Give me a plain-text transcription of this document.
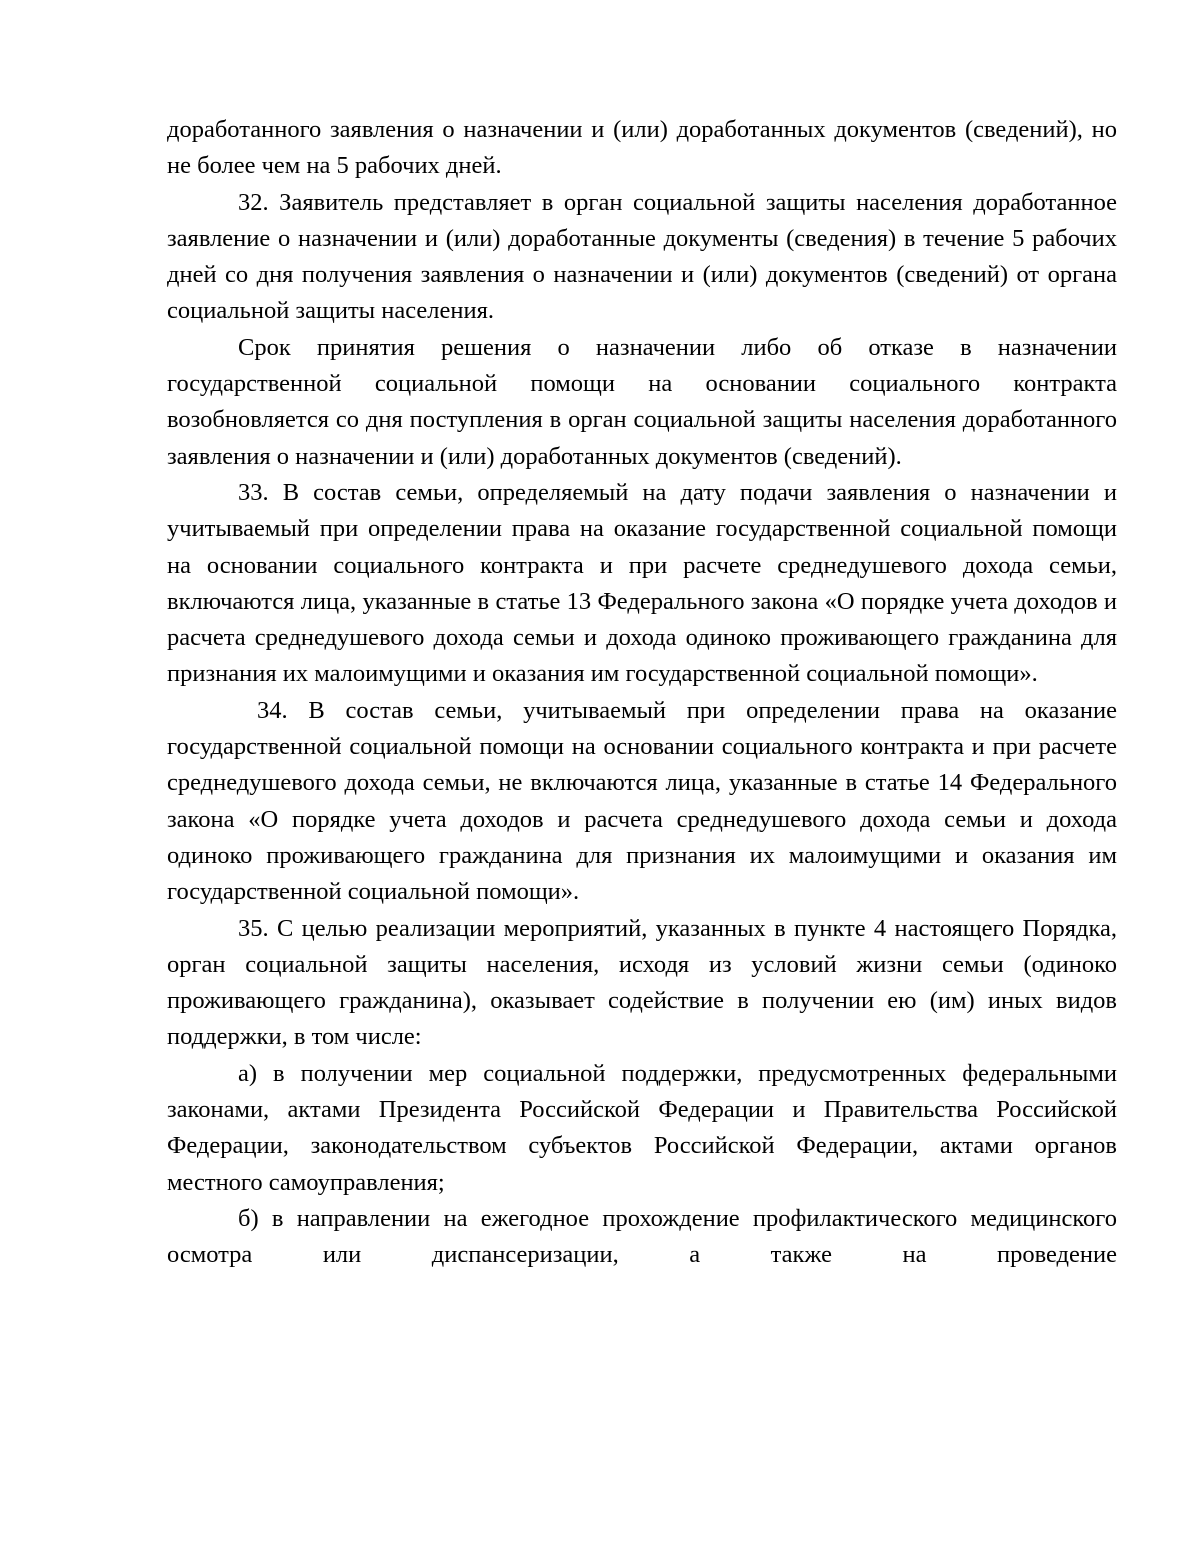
доработанного заявления о назначении и (или) доработанных документов (сведений), но не более чем на 5 рабочих дней.

32. Заявитель представляет в орган социальной защиты населения доработанное заявление о назначении и (или) доработанные документы (сведения) в течение 5 рабочих дней со дня получения заявления о назначении и (или) документов (сведений) от органа социальной защиты населения.

Срок принятия решения о назначении либо об отказе в назначении государственной социальной помощи на основании социального контракта возобновляется со дня поступления в орган социальной защиты населения доработанного заявления о назначении и (или) доработанных документов (сведений).

33. В состав семьи, определяемый на дату подачи заявления о назначении и учитываемый при определении права на оказание государственной социальной помощи на основании социального контракта и при расчете среднедушевого дохода семьи, включаются лица, указанные в статье 13 Федерального закона «О порядке учета доходов и расчета среднедушевого дохода семьи и дохода одиноко проживающего гражданина для признания их малоимущими и оказания им государственной социальной помощи».

34. В состав семьи, учитываемый при определении права на оказание государственной социальной помощи на основании социального контракта и при расчете среднедушевого дохода семьи, не включаются лица, указанные в статье 14 Федерального закона «О порядке учета доходов и расчета среднедушевого дохода семьи и дохода одиноко проживающего гражданина для признания их малоимущими и оказания им государственной социальной помощи».

35. С целью реализации мероприятий, указанных в пункте 4 настоящего Порядка, орган социальной защиты населения, исходя из условий жизни семьи (одиноко проживающего гражданина), оказывает содействие в получении ею (им) иных видов поддержки, в том числе:

а) в получении мер социальной поддержки, предусмотренных федеральными законами, актами Президента Российской Федерации и Правительства Российской Федерации, законодательством субъектов Российской Федерации, актами органов местного самоуправления;

б) в направлении на ежегодное прохождение профилактического медицинского осмотра или диспансеризации, а также на проведение
